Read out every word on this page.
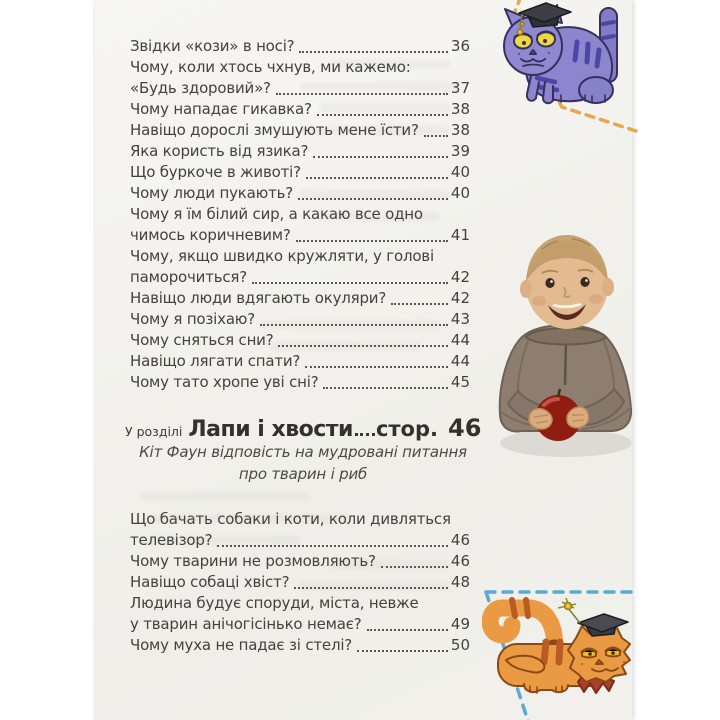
Звідки «кози» в носі?	36
Чому, коли хтось чхнув, ми кажемо:
«Будь здоровий»?	37
Чому нападає гикавка?	38
Навіщо дорослі змушують мене їсти? 38
Яка користь від язика?	39
Що буркоче в животі?	40
Чому люди пукають?	40
Чому я їм білий сир, а какаю все одно
чимось коричневим?	41
Чому, якщо швидко кружляти, у голові
паморочиться?	42
Навіщо люди вдягають окуляри?	42
Чому я позіхаю?	43
Чому сняться сни?	44
Навіщо лягати спати?	44
Чому тато хропе уві сні?	45
У розділі Лапи і хвости стор. 46
Кіт Фаун відповість на мудровані питання
про тварин і риб
Що бачать собаки і коти, коли дивляться
телевізор?	46
Чому тварини не розмовляють?	46
Навіщо собаці хвіст?	48
Людина будує споруди, міста, невже
у тварин анічогісінько немає?	49
Чому муха не падає зі стелі?	50
